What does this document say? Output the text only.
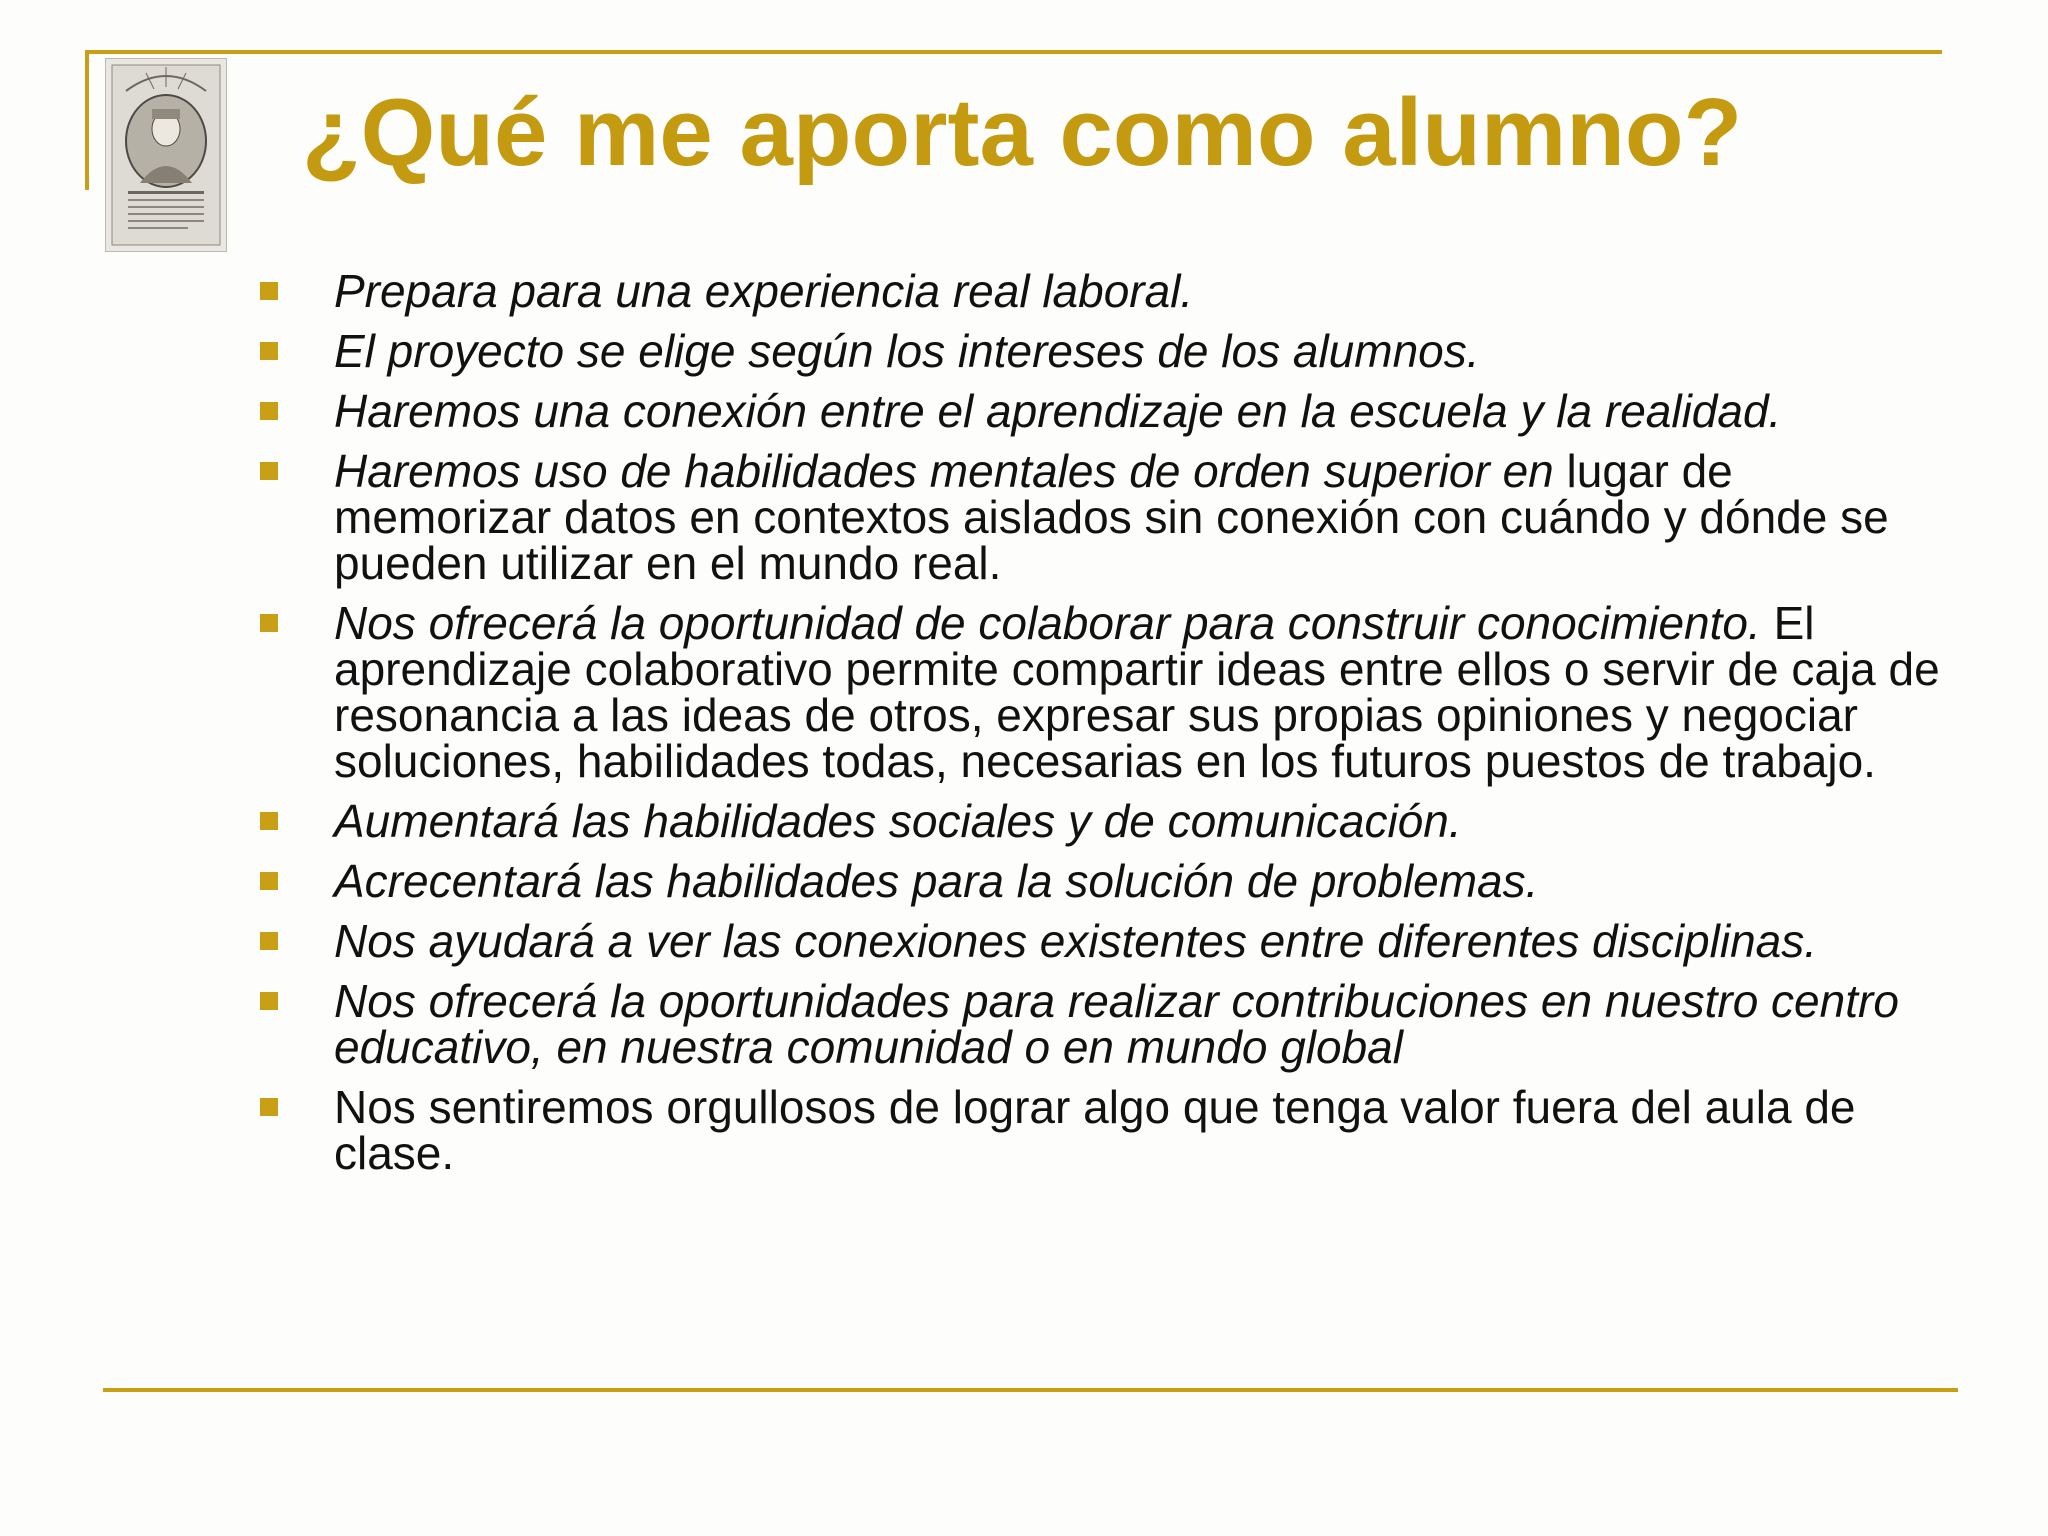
¿Qué me aporta como alumno?
Prepara para una experiencia real laboral.
El proyecto se elige según los intereses de los alumnos.
Haremos una conexión entre el aprendizaje en la escuela y la realidad.
Haremos uso de habilidades mentales de orden superior en lugar de memorizar datos en contextos aislados sin conexión con cuándo y dónde se pueden utilizar en el mundo real.
Nos ofrecerá la oportunidad de colaborar para construir conocimiento. El aprendizaje colaborativo permite compartir ideas entre ellos o servir de caja de resonancia a las ideas de otros, expresar sus propias opiniones y negociar soluciones, habilidades todas, necesarias en los futuros puestos de trabajo.
Aumentará las habilidades sociales y de comunicación.
Acrecentará las habilidades para la solución de problemas.
Nos ayudará a ver las conexiones existentes entre diferentes disciplinas.
Nos ofrecerá la oportunidades para realizar contribuciones en nuestro centro educativo, en nuestra comunidad o en mundo global
Nos sentiremos orgullosos de lograr algo que tenga valor fuera del aula de clase.
